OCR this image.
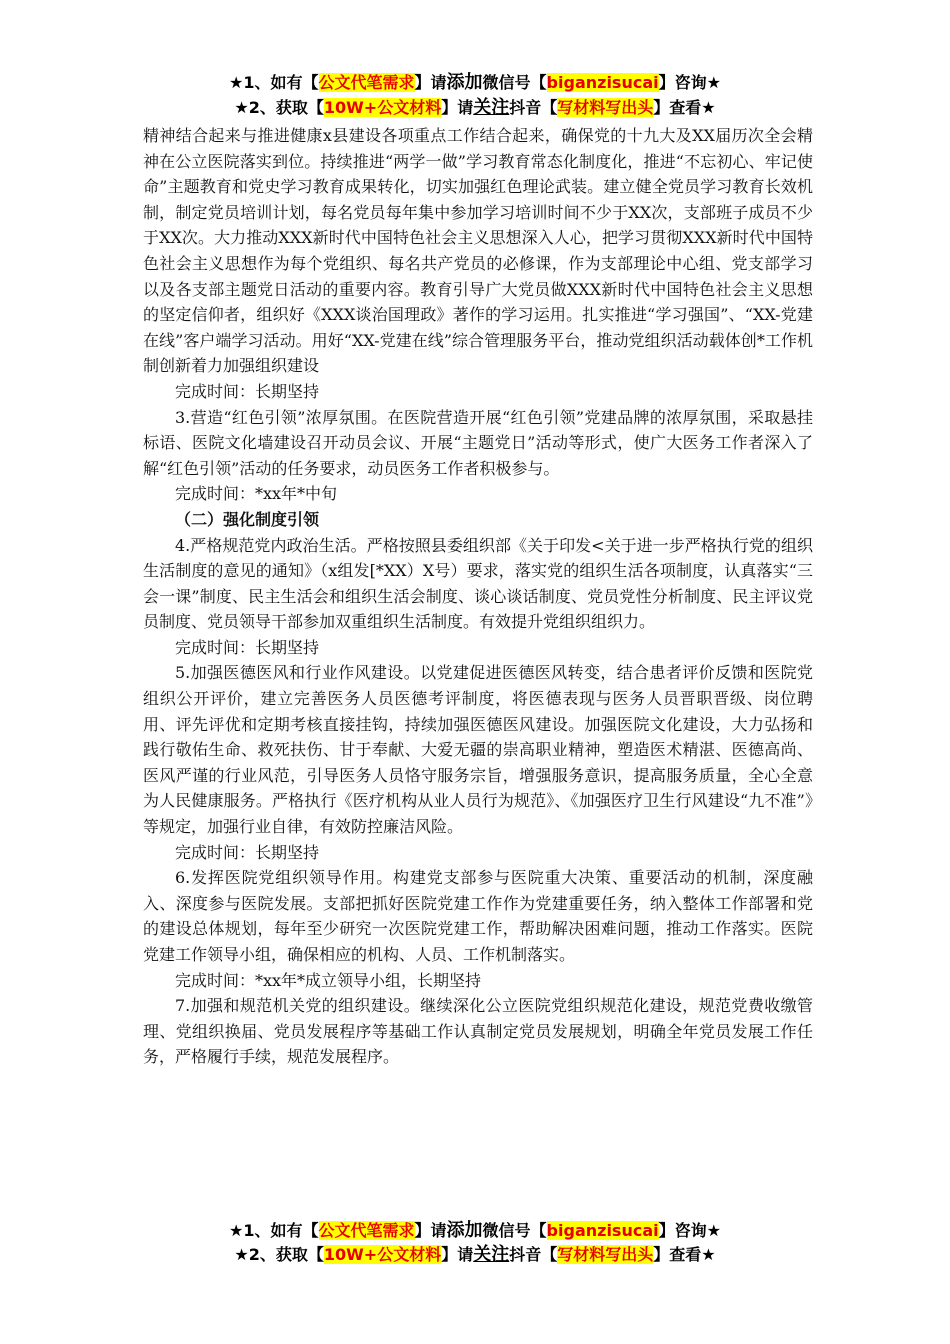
★1、如有【公文代笔需求】请添加微信号【biganzisucai】咨询★
★2、获取【10W+公文材料】请关注抖音【写材料写出头】查看★

精神结合起来与推进健康x县建设各项重点工作结合起来，确保党的十九大及XX届历次全会精神在公立医院落实到位。持续推进“两学一做”学习教育常态化制度化，推进“不忘初心、牢记使命”主题教育和党史学习教育成果转化，切实加强红色理论武装。建立健全党员学习教育长效机制，制定党员培训计划，每名党员每年集中参加学习培训时间不少于XX次，支部班子成员不少于XX次。大力推动XXX新时代中国特色社会主义思想深入人心，把学习贯彻XXX新时代中国特色社会主义思想作为每个党组织、每名共产党员的必修课，作为支部理论中心组、党支部学习以及各支部主题党日活动的重要内容。教育引导广大党员做XXX新时代中国特色社会主义思想的坚定信仰者，组织好《XXX谈治国理政》著作的学习运用。扎实推进“学习强国”、“XX-党建在线”客户端学习活动。用好“XX-党建在线”综合管理服务平台，推动党组织活动载体创*工作机制创新着力加强组织建设

完成时间：长期坚持

3.营造“红色引领”浓厚氛围。在医院营造开展“红色引领”党建品牌的浓厚氛围，采取悬挂标语、医院文化墙建设召开动员会议、开展“主题党日”活动等形式，使广大医务工作者深入了解“红色引领”活动的任务要求，动员医务工作者积极参与。

完成时间：*xx年*中旬

（二）强化制度引领

4.严格规范党内政治生活。严格按照县委组织部《关于印发<关于进一步严格执行党的组织生活制度的意见的通知》（x组发[*XX）X号）要求，落实党的组织生活各项制度，认真落实“三会一课”制度、民主生活会和组织生活会制度、谈心谈话制度、党员党性分析制度、民主评议党员制度、党员领导干部参加双重组织生活制度。有效提升党组织组织力。

完成时间：长期坚持

5.加强医德医风和行业作风建设。以党建促进医德医风转变，结合患者评价反馈和医院党组织公开评价，建立完善医务人员医德考评制度，将医德表现与医务人员晋职晋级、岗位聘用、评先评优和定期考核直接挂钩，持续加强医德医风建设。加强医院文化建设，大力弘扬和践行敬佑生命、救死扶伤、甘于奉献、大爱无疆的崇高职业精神，塑造医术精湛、医德高尚、医风严谨的行业风范，引导医务人员恪守服务宗旨，增强服务意识，提高服务质量，全心全意为人民健康服务。严格执行《医疗机构从业人员行为规范》、《加强医疗卫生行风建设“九不准”》等规定，加强行业自律，有效防控廉洁风险。

完成时间：长期坚持

6.发挥医院党组织领导作用。构建党支部参与医院重大决策、重要活动的机制，深度融入、深度参与医院发展。支部把抓好医院党建工作作为党建重要任务，纳入整体工作部署和党的建设总体规划，每年至少研究一次医院党建工作，帮助解决困难问题，推动工作落实。医院党建工作领导小组，确保相应的机构、人员、工作机制落实。

完成时间：*xx年*成立领导小组，长期坚持

7.加强和规范机关党的组织建设。继续深化公立医院党组织规范化建设，规范党费收缴管理、党组织换届、党员发展程序等基础工作认真制定党员发展规划，明确全年党员发展工作任务，严格履行手续，规范发展程序。

★1、如有【公文代笔需求】请添加微信号【biganzisucai】咨询★
★2、获取【10W+公文材料】请关注抖音【写材料写出头】查看★
